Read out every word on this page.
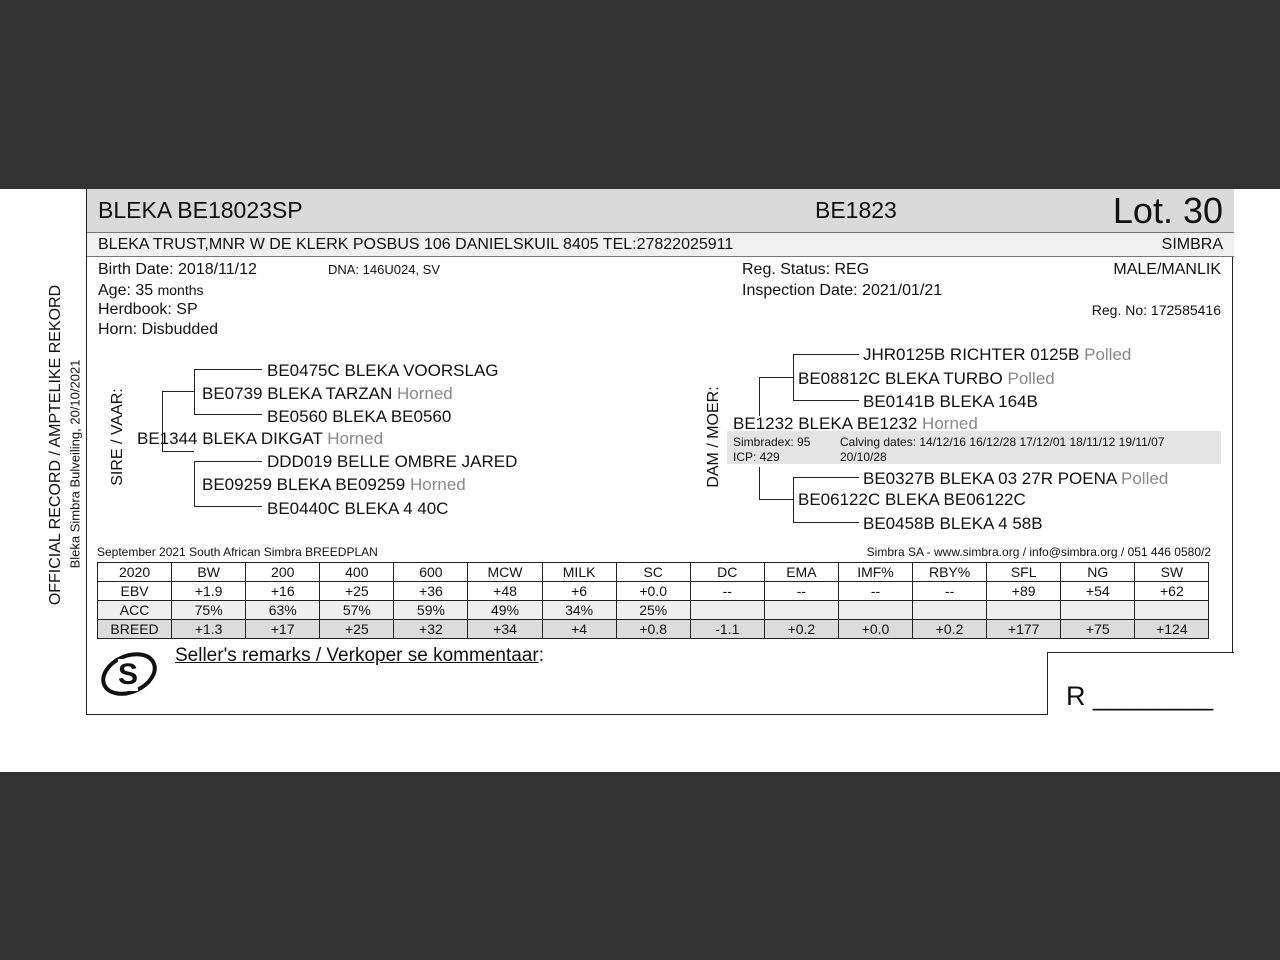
OFFICIAL RECORD / AMPTELIKE REKORD Bleka Simbra Bulveiling, 20/10/2021
BLEKA BE18023SP	BE1823	Lot. 30
BLEKA TRUST,MNR W DE KLERK POSBUS 106 DANIELSKUIL 8405 TEL:27822025911	SIMBRA
Birth Date: 2018/11/12	DNA: 146U024, SV
Age: 35 months
Herdbook: SP
Horn: Disbudded
Reg. Status: REG
Inspection Date: 2021/01/21
MALE/MANLIK
Reg. No: 172585416
SIRE / VAAR: BE1344 BLEKA DIKGAT Horned
BE0739 BLEKA TARZAN Horned
BE09259 BLEKA BE09259 Horned
BE0475C BLEKA VOORSLAG
BE0560 BLEKA BE0560
DDD019 BELLE OMBRE JARED
BE0440C BLEKA 4 40C
DAM / MOER: Simbradex: 95
ICP: 429
Calving dates: 14/12/16 16/12/28 17/12/01 18/11/12 19/11/07
20/10/28
BE1232 BLEKA BE1232 Horned
BE08812C BLEKA TURBO Polled
BE06122C BLEKA BE06122C
JHR0125B RICHTER 0125B Polled
BE0141B BLEKA 164B
BE0327B BLEKA 03 27R POENA Polled
BE0458B BLEKA 4 58B
September 2021 South African Simbra BREEDPLAN	Simbra SA - www.simbra.org / info@simbra.org / 051 446 0580/2
2020	BW	200	400	600	MCW	MILK	SC	DC	EMA	IMF%	RBY%	SFL	NG	SW
EBV	+1.9	+16	+25	+36	+48	+6	+0.0	--	--	--	--	+89	+54	+62
ACC	75%	63%	57%	59%	49%	34%	25%							
BREED	+1.3	+17	+25	+32	+34	+4	+0.8	-1.1	+0.2	+0.0	+0.2	+177	+75	+124
S
Seller's remarks / Verkoper se kommentaar:
R ________
